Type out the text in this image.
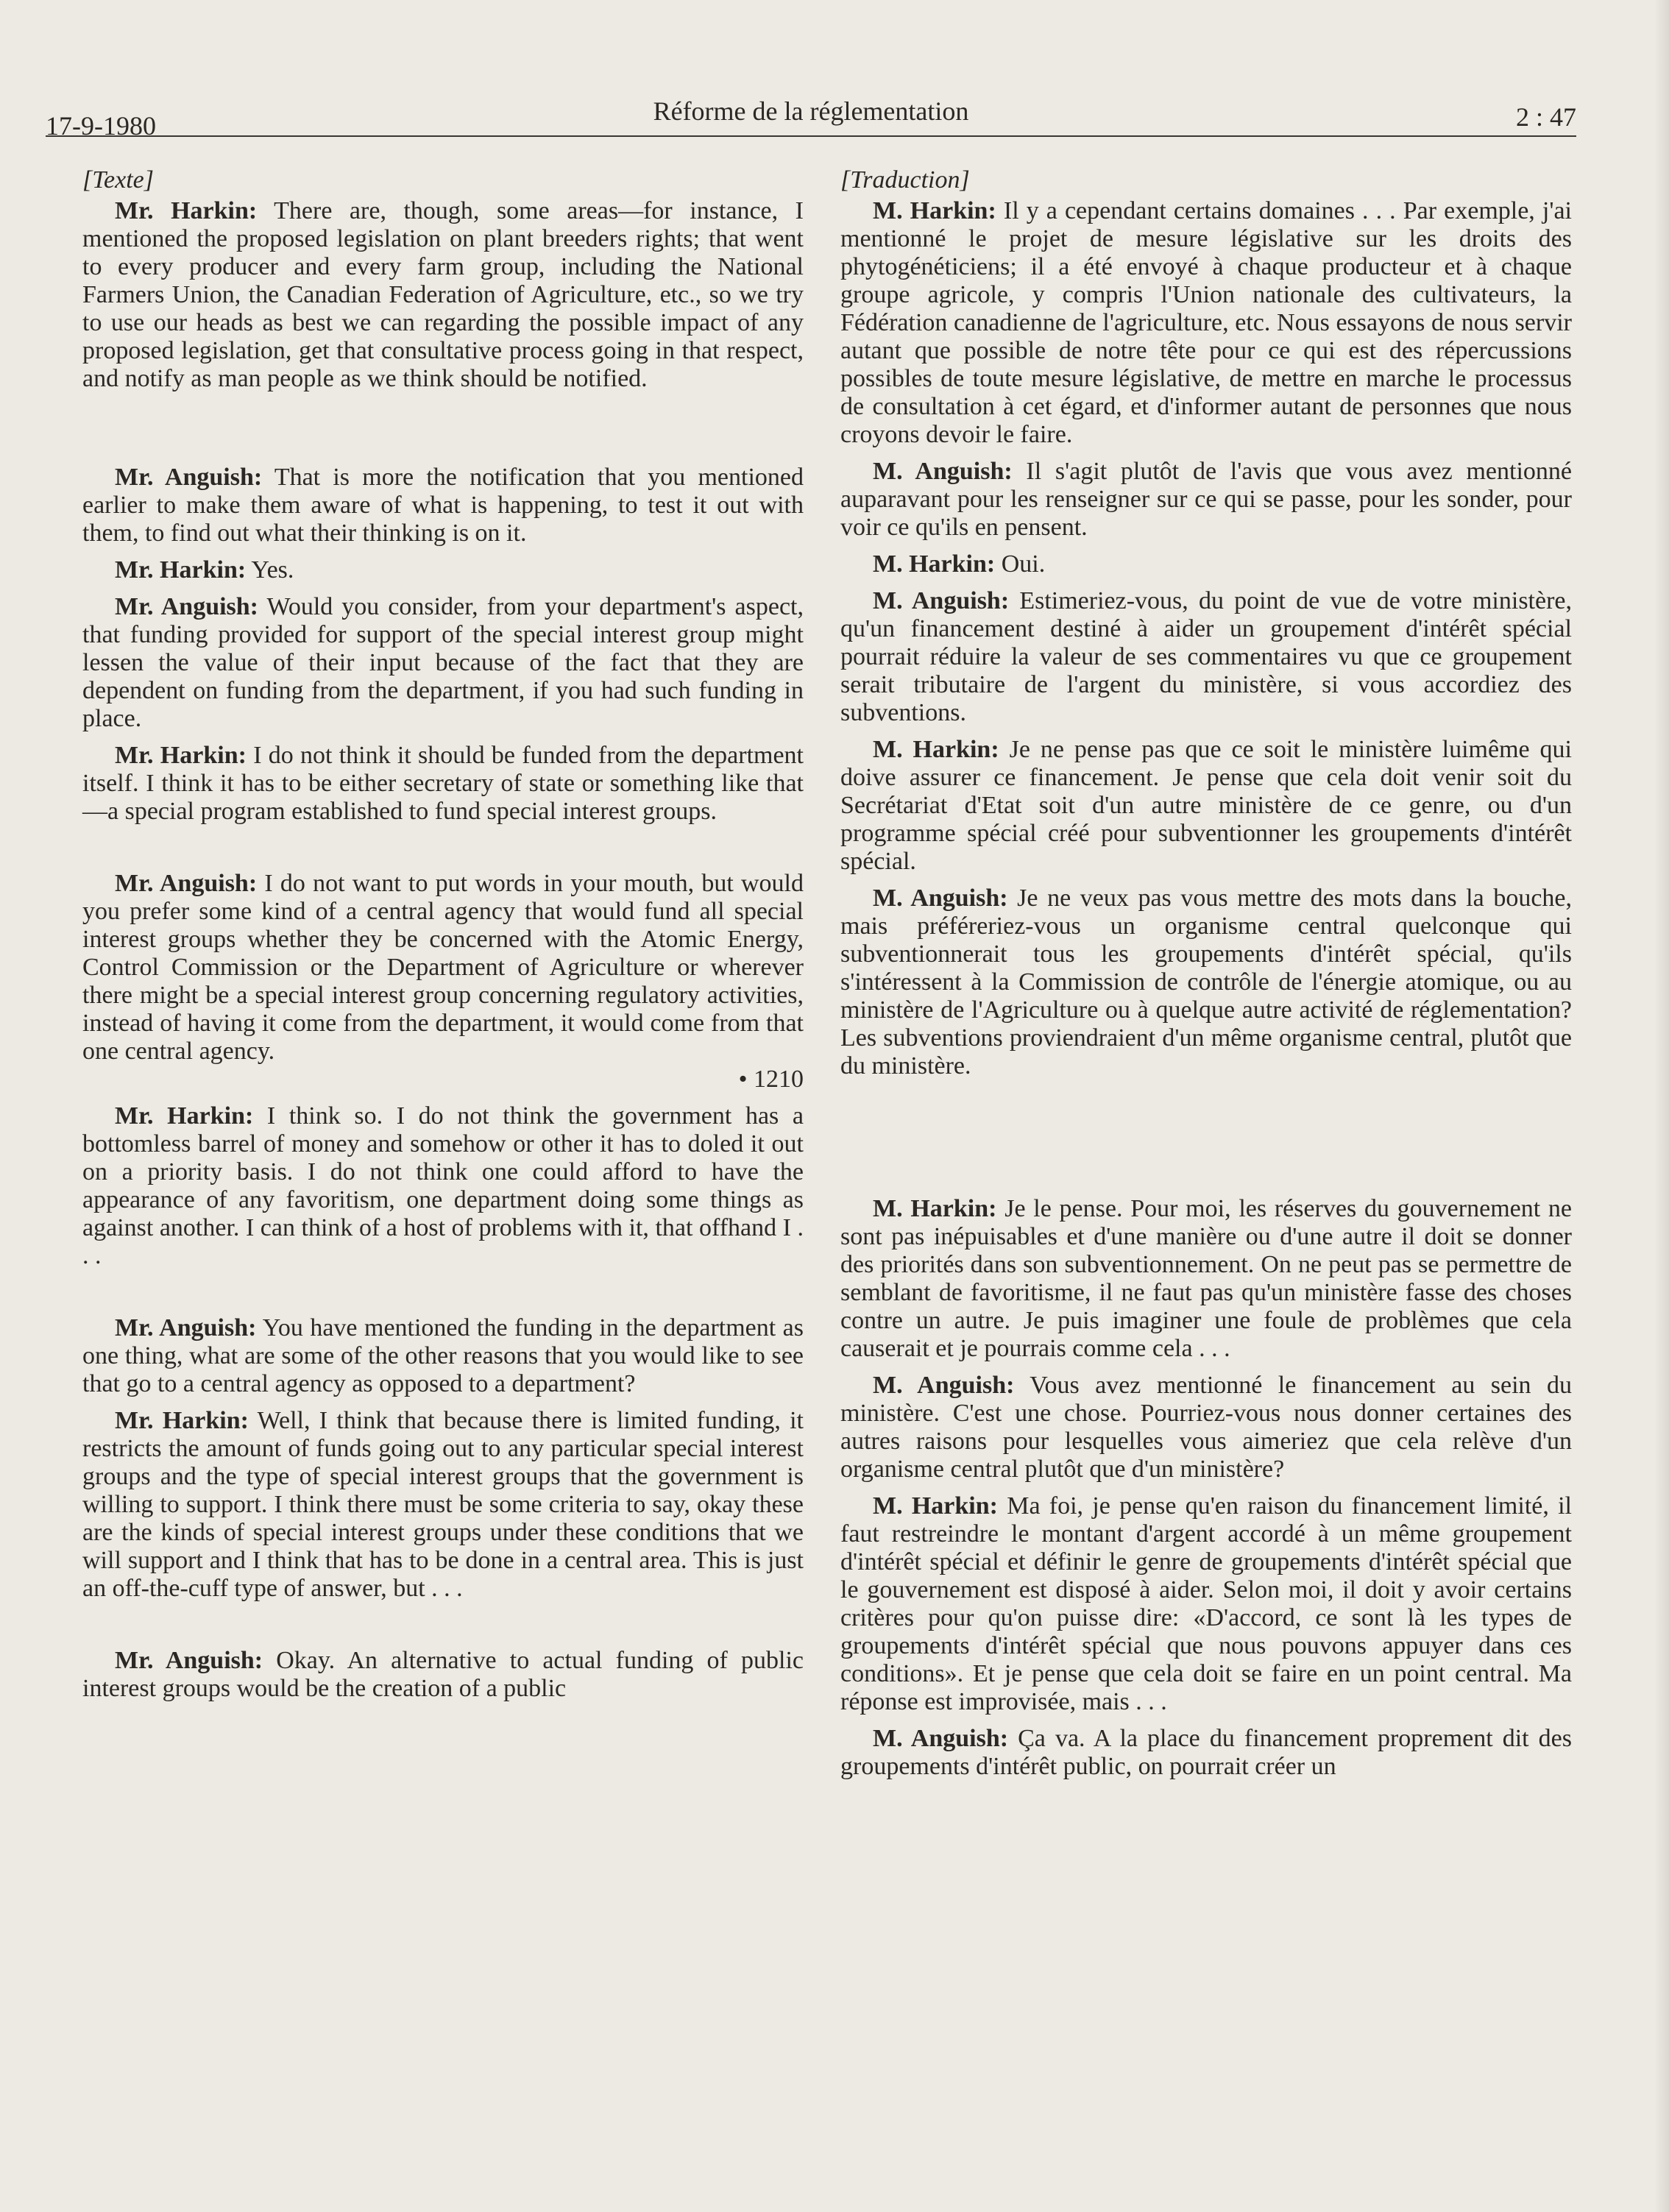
17-9-1980	Réforme de la réglementation	2 : 47

[Texte]

Mr. Harkin: There are, though, some areas—for instance, I mentioned the proposed legislation on plant breeders rights; that went to every producer and every farm group, including the National Farmers Union, the Canadian Federation of Agriculture, etc., so we try to use our heads as best we can regarding the possible impact of any proposed legislation, get that consultative process going in that respect, and notify as man people as we think should be notified.

Mr. Anguish: That is more the notification that you mentioned earlier to make them aware of what is happening, to test it out with them, to find out what their thinking is on it.

Mr. Harkin: Yes.

Mr. Anguish: Would you consider, from your department's aspect, that funding provided for support of the special interest group might lessen the value of their input because of the fact that they are dependent on funding from the department, if you had such funding in place.

Mr. Harkin: I do not think it should be funded from the department itself. I think it has to be either secretary of state or something like that—a special program established to fund special interest groups.

Mr. Anguish: I do not want to put words in your mouth, but would you prefer some kind of a central agency that would fund all special interest groups whether they be concerned with the Atomic Energy, Control Commission or the Department of Agriculture or wherever there might be a special interest group concerning regulatory activities, instead of having it come from the department, it would come from that one central agency.

• 1210

Mr. Harkin: I think so. I do not think the government has a bottomless barrel of money and somehow or other it has to doled it out on a priority basis. I do not think one could afford to have the appearance of any favoritism, one department doing some things as against another. I can think of a host of problems with it, that offhand I . . .

Mr. Anguish: You have mentioned the funding in the department as one thing, what are some of the other reasons that you would like to see that go to a central agency as opposed to a department?

Mr. Harkin: Well, I think that because there is limited funding, it restricts the amount of funds going out to any particular special interest groups and the type of special interest groups that the government is willing to support. I think there must be some criteria to say, okay these are the kinds of special interest groups under these conditions that we will support and I think that has to be done in a central area. This is just an off-the-cuff type of answer, but . . .

Mr. Anguish: Okay. An alternative to actual funding of public interest groups would be the creation of a public

[Traduction]

M. Harkin: Il y a cependant certains domaines . . . Par exemple, j'ai mentionné le projet de mesure législative sur les droits des phytogénéticiens; il a été envoyé à chaque producteur et à chaque groupe agricole, y compris l'Union nationale des cultivateurs, la Fédération canadienne de l'agriculture, etc. Nous essayons de nous servir autant que possible de notre tête pour ce qui est des répercussions possibles de toute mesure législative, de mettre en marche le processus de consultation à cet égard, et d'informer autant de personnes que nous croyons devoir le faire.

M. Anguish: Il s'agit plutôt de l'avis que vous avez mentionné auparavant pour les renseigner sur ce qui se passe, pour les sonder, pour voir ce qu'ils en pensent.

M. Harkin: Oui.

M. Anguish: Estimeriez-vous, du point de vue de votre ministère, qu'un financement destiné à aider un groupement d'intérêt spécial pourrait réduire la valeur de ses commentaires vu que ce groupement serait tributaire de l'argent du ministère, si vous accordiez des subventions.

M. Harkin: Je ne pense pas que ce soit le ministère luimême qui doive assurer ce financement. Je pense que cela doit venir soit du Secrétariat d'Etat soit d'un autre ministère de ce genre, ou d'un programme spécial créé pour subventionner les groupements d'intérêt spécial.

M. Anguish: Je ne veux pas vous mettre des mots dans la bouche, mais préféreriez-vous un organisme central quelconque qui subventionnerait tous les groupements d'intérêt spécial, qu'ils s'intéressent à la Commission de contrôle de l'énergie atomique, ou au ministère de l'Agriculture ou à quelque autre activité de réglementation? Les subventions proviendraient d'un même organisme central, plutôt que du ministère.

M. Harkin: Je le pense. Pour moi, les réserves du gouvernement ne sont pas inépuisables et d'une manière ou d'une autre il doit se donner des priorités dans son subventionnement. On ne peut pas se permettre de semblant de favoritisme, il ne faut pas qu'un ministère fasse des choses contre un autre. Je puis imaginer une foule de problèmes que cela causerait et je pourrais comme cela . . .

M. Anguish: Vous avez mentionné le financement au sein du ministère. C'est une chose. Pourriez-vous nous donner certaines des autres raisons pour lesquelles vous aimeriez que cela relève d'un organisme central plutôt que d'un ministère?

M. Harkin: Ma foi, je pense qu'en raison du financement limité, il faut restreindre le montant d'argent accordé à un même groupement d'intérêt spécial et définir le genre de groupements d'intérêt spécial que le gouvernement est disposé à aider. Selon moi, il doit y avoir certains critères pour qu'on puisse dire: «D'accord, ce sont là les types de groupements d'intérêt spécial que nous pouvons appuyer dans ces conditions». Et je pense que cela doit se faire en un point central. Ma réponse est improvisée, mais . . .

M. Anguish: Ça va. A la place du financement proprement dit des groupements d'intérêt public, on pourrait créer un
